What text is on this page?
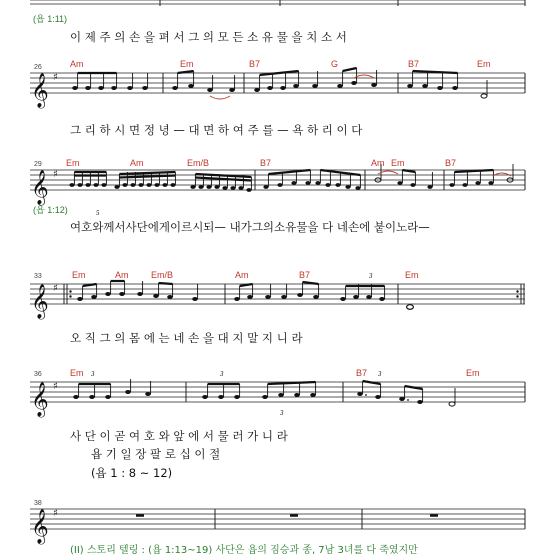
(욥 1:11)
이 제 주 의 손 을 펴 서 그 의 모 든 소 유 물 을 치 소 서
𝄞 ♯
26	Am	Em	B7	G	B7	Em
그 리 하 시 면 정 녕 — 대 면 하 여 주 를 — 욕 하 리 이 다
𝄞 ♯
29	Em	Am	Em/B	B7	Am Em	B7
5
(욥 1:12)
여호와께서사단에게이르시되— 내가그의소유물을 다 네손에 붙이노라—
𝄞 ♯
33	Em	Am	Em/B	Am	B7	Em
3
오 직 그 의 몸 에 는 네 손 을 대 지 말 지 니 라
𝄞 ♯
36	Em	B7	Em
3	3	3
3
사 단 이 곧 여 호 와 앞 에 서 물 러 가 니 라
욥 기 일 장 팔 로 십 이 절
(욥 1 : 8 ~ 12)
𝄞 ♯
38
(II) 스토리 텔링 : (욥 1:13~19) 사단은 욥의 짐승과 종, 7남 3녀를 다 죽였지만
